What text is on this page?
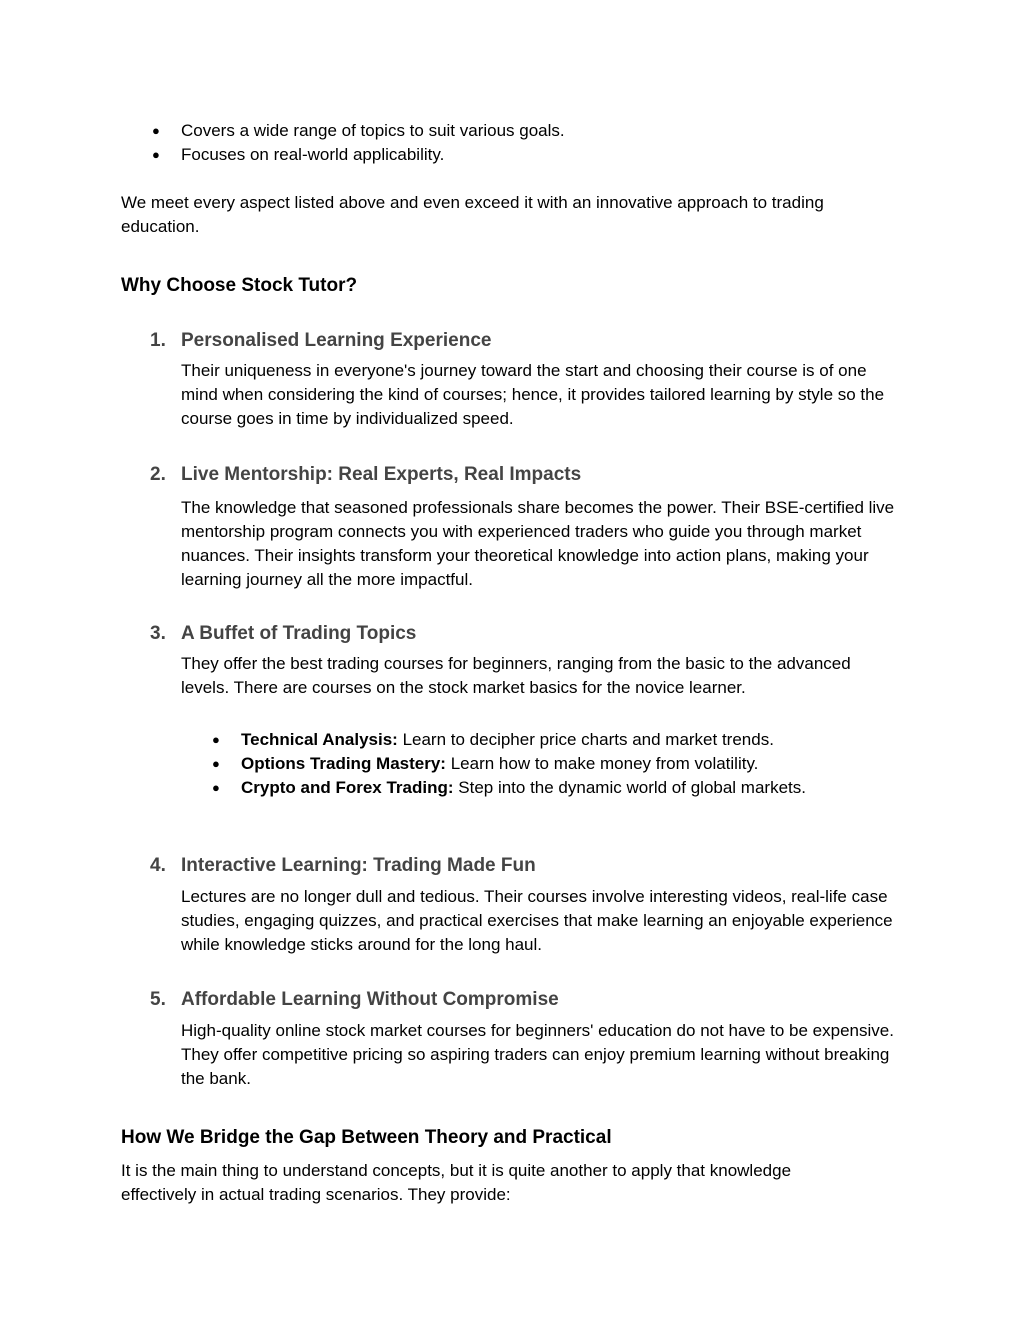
● Covers a wide range of topics to suit various goals.
● Focuses on real-world applicability.

We meet every aspect listed above and even exceed it with an innovative approach to trading education.

Why Choose Stock Tutor?
1. Personalised Learning Experience

Their uniqueness in everyone's journey toward the start and choosing their course is of one mind when considering the kind of courses; hence, it provides tailored learning by style so the course goes in time by individualized speed.

2. Live Mentorship: Real Experts, Real Impacts

The knowledge that seasoned professionals share becomes the power. Their BSE-certified live mentorship program connects you with experienced traders who guide you through market nuances. Their insights transform your theoretical knowledge into action plans, making your learning journey all the more impactful.

3. A Buffet of Trading Topics

They offer the best trading courses for beginners, ranging from the basic to the advanced levels. There are courses on the stock market basics for the novice learner.

● Technical Analysis: Learn to decipher price charts and market trends.
● Options Trading Mastery: Learn how to make money from volatility.
● Crypto and Forex Trading: Step into the dynamic world of global markets.
4. Interactive Learning: Trading Made Fun

Lectures are no longer dull and tedious. Their courses involve interesting videos, real-life case studies, engaging quizzes, and practical exercises that make learning an enjoyable experience while knowledge sticks around for the long haul.

5. Affordable Learning Without Compromise

High-quality online stock market courses for beginners' education do not have to be expensive. They offer competitive pricing so aspiring traders can enjoy premium learning without breaking the bank.

How We Bridge the Gap Between Theory and Practical

It is the main thing to understand concepts, but it is quite another to apply that knowledge effectively in actual trading scenarios. They provide:
